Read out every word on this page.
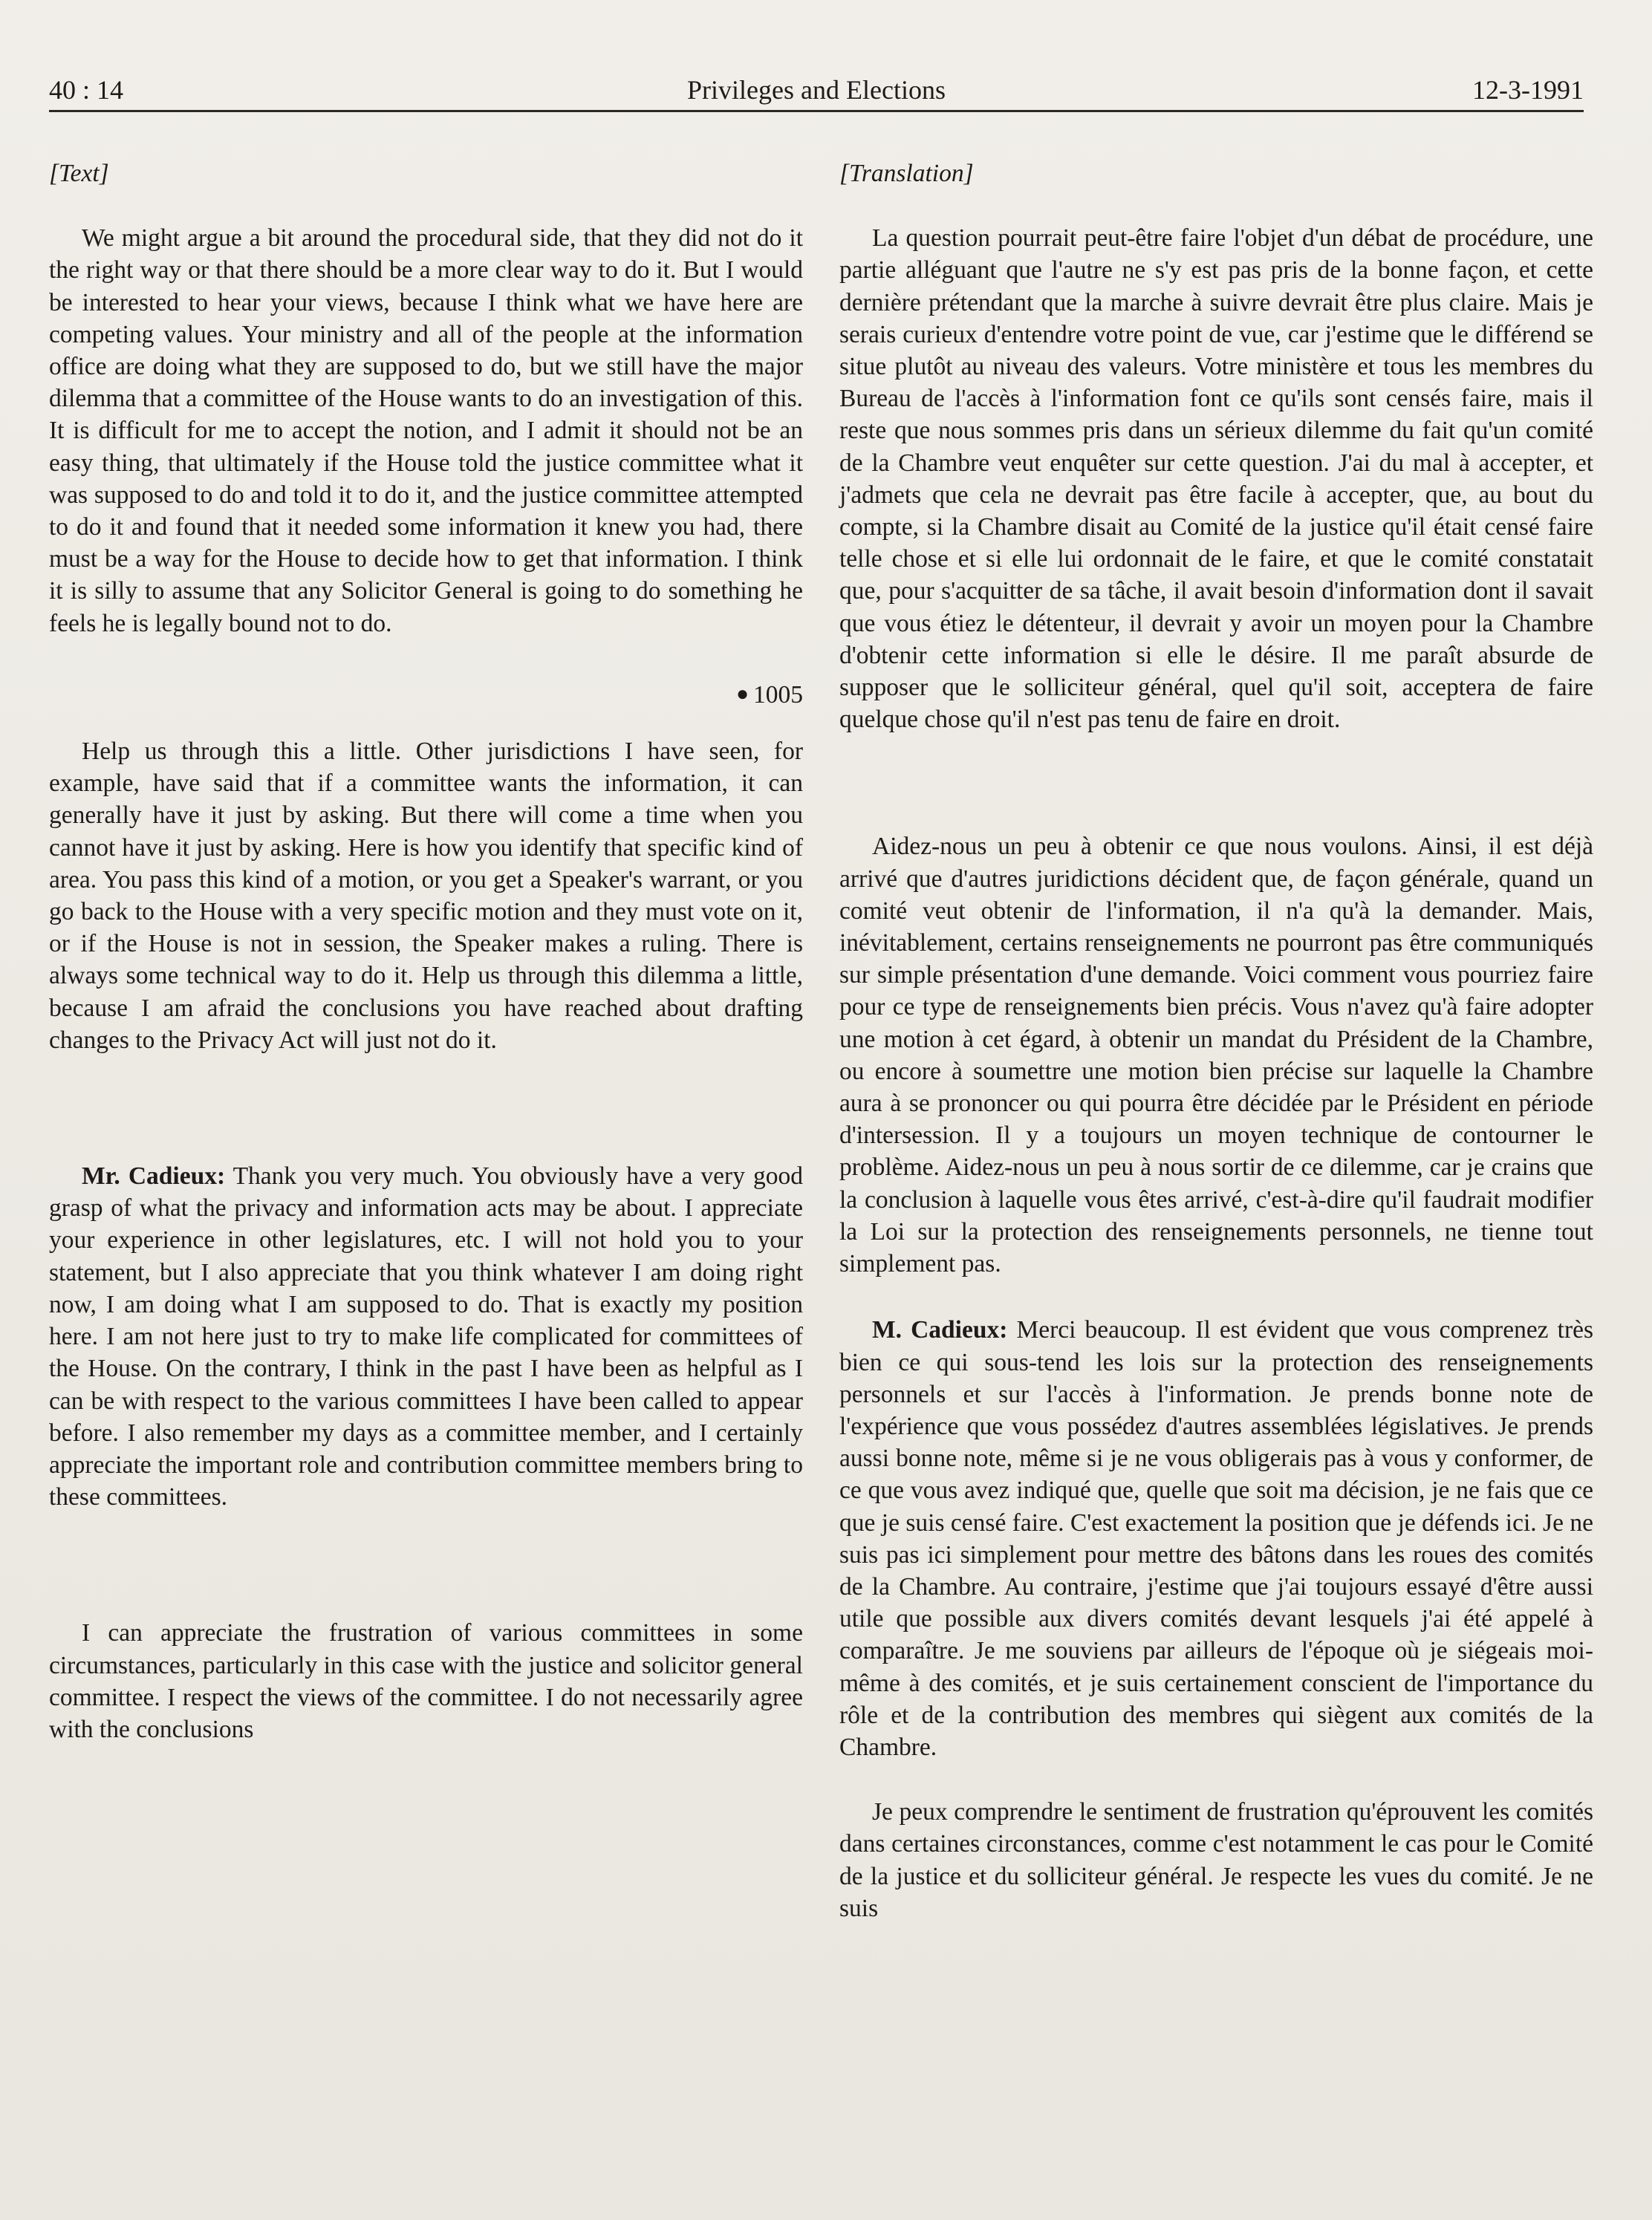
40 : 14	Privileges and Elections	12-3-1991

[Text]

We might argue a bit around the procedural side, that they did not do it the right way or that there should be a more clear way to do it. But I would be interested to hear your views, because I think what we have here are competing values. Your ministry and all of the people at the information office are doing what they are supposed to do, but we still have the major dilemma that a committee of the House wants to do an investigation of this. It is difficult for me to accept the notion, and I admit it should not be an easy thing, that ultimately if the House told the justice committee what it was supposed to do and told it to do it, and the justice committee attempted to do it and found that it needed some information it knew you had, there must be a way for the House to decide how to get that information. I think it is silly to assume that any Solicitor General is going to do something he feels he is legally bound not to do.

● 1005

Help us through this a little. Other jurisdictions I have seen, for example, have said that if a committee wants the information, it can generally have it just by asking. But there will come a time when you cannot have it just by asking. Here is how you identify that specific kind of area. You pass this kind of a motion, or you get a Speaker's warrant, or you go back to the House with a very specific motion and they must vote on it, or if the House is not in session, the Speaker makes a ruling. There is always some technical way to do it. Help us through this dilemma a little, because I am afraid the conclusions you have reached about drafting changes to the Privacy Act will just not do it.

Mr. Cadieux: Thank you very much. You obviously have a very good grasp of what the privacy and information acts may be about. I appreciate your experience in other legislatures, etc. I will not hold you to your statement, but I also appreciate that you think whatever I am doing right now, I am doing what I am supposed to do. That is exactly my position here. I am not here just to try to make life complicated for committees of the House. On the contrary, I think in the past I have been as helpful as I can be with respect to the various committees I have been called to appear before. I also remember my days as a committee member, and I certainly appreciate the important role and contribution committee members bring to these committees.

I can appreciate the frustration of various committees in some circumstances, particularly in this case with the justice and solicitor general committee. I respect the views of the committee. I do not necessarily agree with the conclusions

[Translation]

La question pourrait peut-être faire l'objet d'un débat de procédure, une partie alléguant que l'autre ne s'y est pas pris de la bonne façon, et cette dernière prétendant que la marche à suivre devrait être plus claire. Mais je serais curieux d'entendre votre point de vue, car j'estime que le différend se situe plutôt au niveau des valeurs. Votre ministère et tous les membres du Bureau de l'accès à l'information font ce qu'ils sont censés faire, mais il reste que nous sommes pris dans un sérieux dilemme du fait qu'un comité de la Chambre veut enquêter sur cette question. J'ai du mal à accepter, et j'admets que cela ne devrait pas être facile à accepter, que, au bout du compte, si la Chambre disait au Comité de la justice qu'il était censé faire telle chose et si elle lui ordonnait de le faire, et que le comité constatait que, pour s'acquitter de sa tâche, il avait besoin d'information dont il savait que vous étiez le détenteur, il devrait y avoir un moyen pour la Chambre d'obtenir cette information si elle le désire. Il me paraît absurde de supposer que le solliciteur général, quel qu'il soit, acceptera de faire quelque chose qu'il n'est pas tenu de faire en droit.

Aidez-nous un peu à obtenir ce que nous voulons. Ainsi, il est déjà arrivé que d'autres juridictions décident que, de façon générale, quand un comité veut obtenir de l'information, il n'a qu'à la demander. Mais, inévitablement, certains renseignements ne pourront pas être communiqués sur simple présentation d'une demande. Voici comment vous pourriez faire pour ce type de renseignements bien précis. Vous n'avez qu'à faire adopter une motion à cet égard, à obtenir un mandat du Président de la Chambre, ou encore à soumettre une motion bien précise sur laquelle la Chambre aura à se prononcer ou qui pourra être décidée par le Président en période d'intersession. Il y a toujours un moyen technique de contourner le problème. Aidez-nous un peu à nous sortir de ce dilemme, car je crains que la conclusion à laquelle vous êtes arrivé, c'est-à-dire qu'il faudrait modifier la Loi sur la protection des renseignements personnels, ne tienne tout simplement pas.

M. Cadieux: Merci beaucoup. Il est évident que vous comprenez très bien ce qui sous-tend les lois sur la protection des renseignements personnels et sur l'accès à l'information. Je prends bonne note de l'expérience que vous possédez d'autres assemblées législatives. Je prends aussi bonne note, même si je ne vous obligerais pas à vous y conformer, de ce que vous avez indiqué que, quelle que soit ma décision, je ne fais que ce que je suis censé faire. C'est exactement la position que je défends ici. Je ne suis pas ici simplement pour mettre des bâtons dans les roues des comités de la Chambre. Au contraire, j'estime que j'ai toujours essayé d'être aussi utile que possible aux divers comités devant lesquels j'ai été appelé à comparaître. Je me souviens par ailleurs de l'époque où je siégeais moi-même à des comités, et je suis certainement conscient de l'importance du rôle et de la contribution des membres qui siègent aux comités de la Chambre.

Je peux comprendre le sentiment de frustration qu'éprouvent les comités dans certaines circonstances, comme c'est notamment le cas pour le Comité de la justice et du solliciteur général. Je respecte les vues du comité. Je ne suis
